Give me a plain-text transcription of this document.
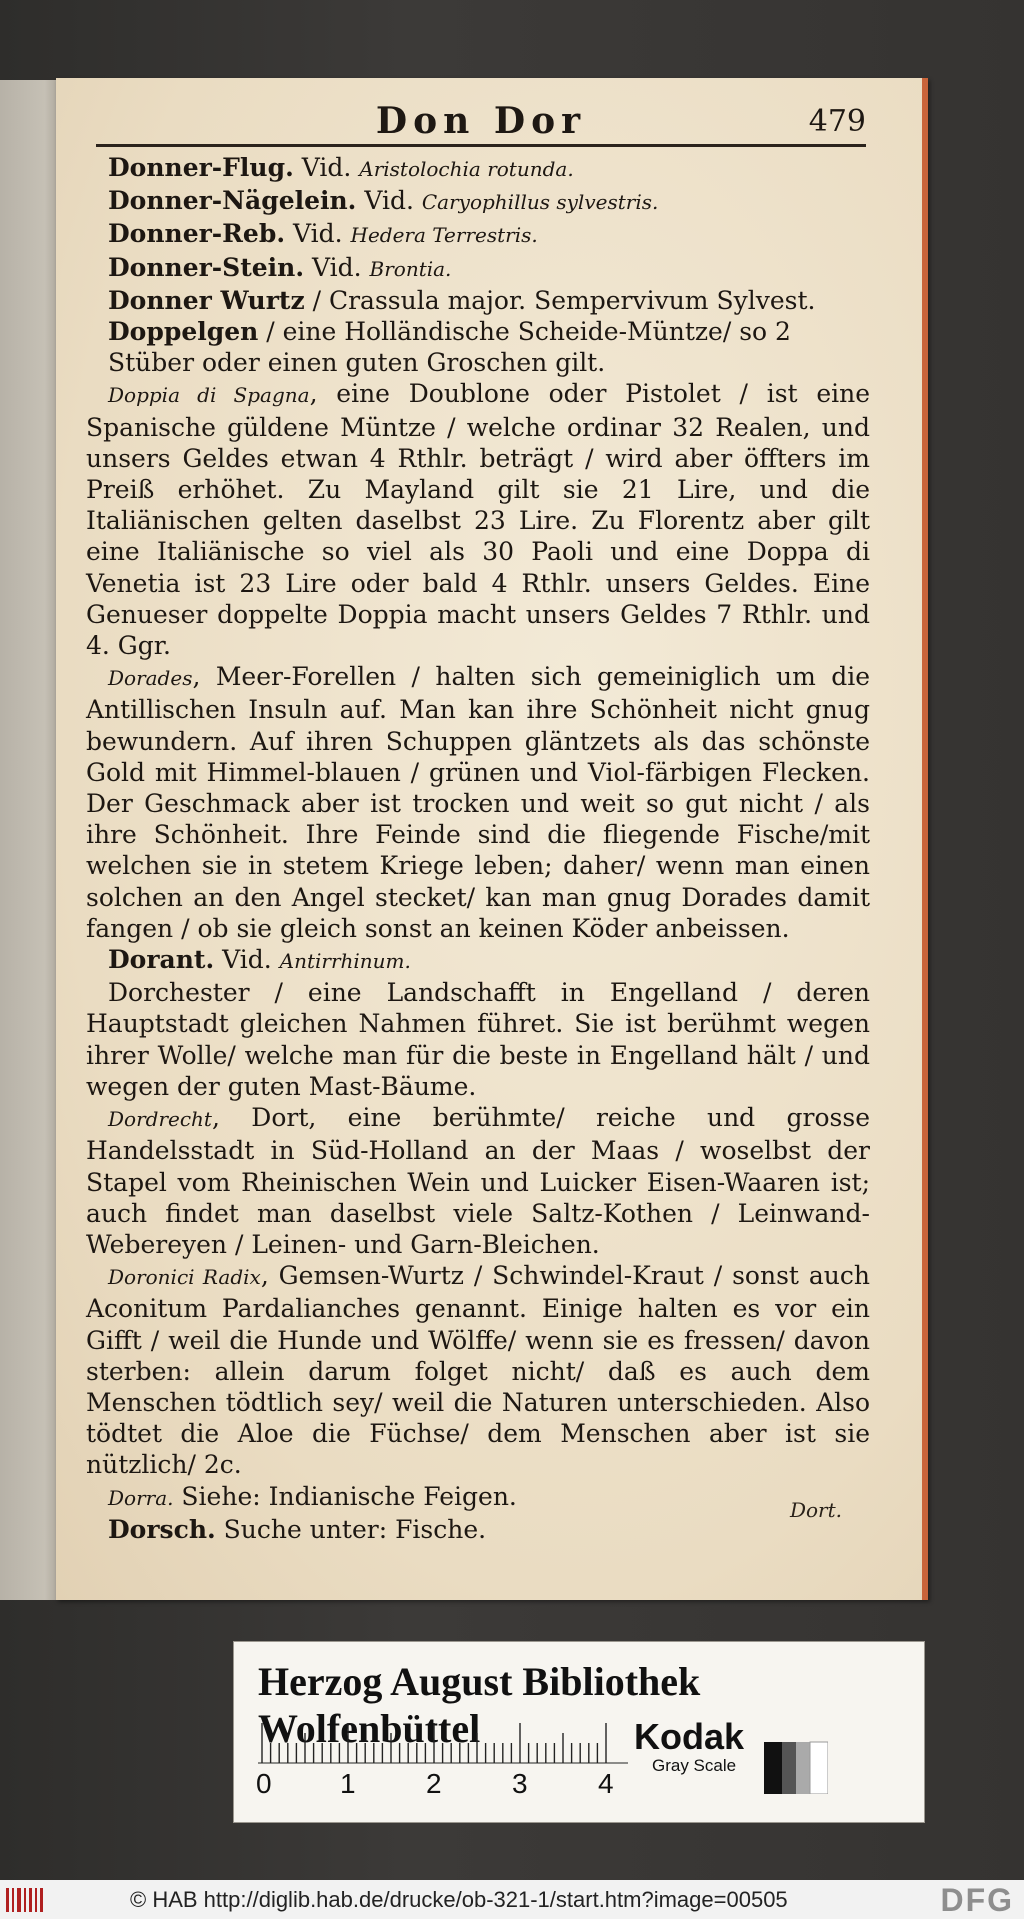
Don Dor	479

Donner-Flug. Vid. Aristolochia rotunda.

Donner-Nägelein. Vid. Caryophillus sylvestris.

Donner-Reb. Vid. Hedera Terrestris.

Donner-Stein. Vid. Brontia.

Donner Wurtz / Crassula major. Sempervivum Sylvest.

Doppelgen / eine Holländische Scheide-Müntze/ so 2 Stüber oder einen guten Groschen gilt.

Doppia di Spagna, eine Doublone oder Pistolet / ist eine Spanische güldene Müntze / welche ordinar 32 Realen, und unsers Geldes etwan 4 Rthlr. beträgt / wird aber öffters im Preiß erhöhet. Zu Mayland gilt sie 21 Lire, und die Italiänischen gelten daselbst 23 Lire. Zu Florentz aber gilt eine Italiänische so viel als 30 Paoli und eine Doppa di Venetia ist 23 Lire oder bald 4 Rthlr. unsers Geldes. Eine Genueser doppelte Doppia macht unsers Geldes 7 Rthlr. und 4. Ggr.

Dorades, Meer-Forellen / halten sich gemeiniglich um die Antillischen Insuln auf. Man kan ihre Schönheit nicht gnug bewundern. Auf ihren Schuppen gläntzets als das schönste Gold mit Himmel-blauen / grünen und Viol-färbigen Flecken. Der Geschmack aber ist trocken und weit so gut nicht / als ihre Schönheit. Ihre Feinde sind die fliegende Fische/mit welchen sie in stetem Kriege leben; daher/ wenn man einen solchen an den Angel stecket/ kan man gnug Dorades damit fangen / ob sie gleich sonst an keinen Köder anbeissen.

Dorant. Vid. Antirrhinum.

Dorchester / eine Landschafft in Engelland / deren Hauptstadt gleichen Nahmen führet. Sie ist berühmt wegen ihrer Wolle/ welche man für die beste in Engelland hält / und wegen der guten Mast-Bäume.

Dordrecht, Dort, eine berühmte/ reiche und grosse Handelsstadt in Süd-Holland an der Maas / woselbst der Stapel vom Rheinischen Wein und Luicker Eisen-Waaren ist; auch findet man daselbst viele Saltz-Kothen / Leinwand-Webereyen / Leinen- und Garn-Bleichen.

Doronici Radix, Gemsen-Wurtz / Schwindel-Kraut / sonst auch Aconitum Pardalianches genannt. Einige halten es vor ein Gifft / weil die Hunde und Wölffe/ wenn sie es fressen/ davon sterben: allein darum folget nicht/ daß es auch dem Menschen tödtlich sey/ weil die Naturen unterschieden. Also tödtet die Aloe die Füchse/ dem Menschen aber ist sie nützlich/ 2c.

Dorra. Siehe: Indianische Feigen.

Dorsch. Suche unter: Fische.

Dort.
Herzog August Bibliothek Wolfenbüttel
0 1	2	3	4
Kodak
Gray Scale
© HAB http://diglib.hab.de/drucke/ob-321-1/start.htm?image=00505	DFG
